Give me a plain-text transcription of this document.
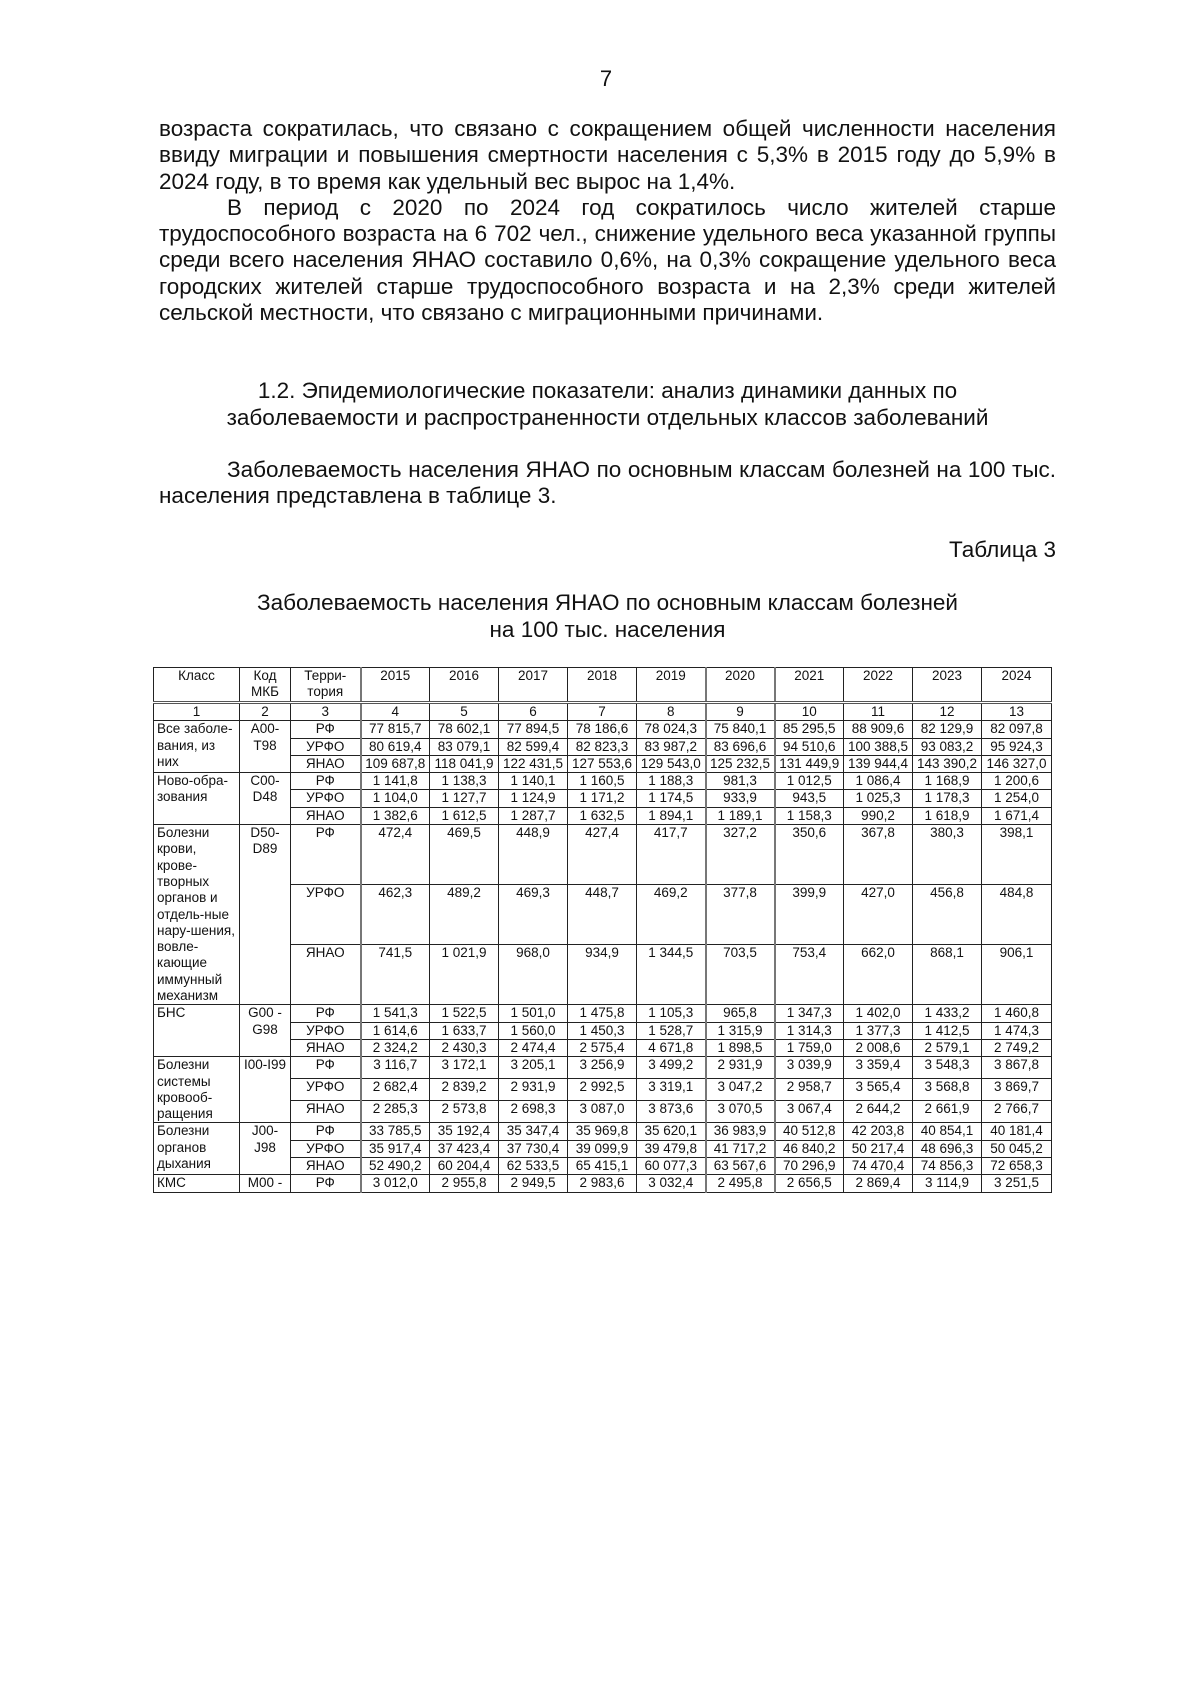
7

возраста сократилась, что связано с сокращением общей численности населения ввиду миграции и повышения смертности населения с 5,3% в 2015 году до 5,9% в 2024 году, в то время как удельный вес вырос на 1,4%.

В период с 2020 по 2024 год сократилось число жителей старше трудоспособного возраста на 6 702 чел., снижение удельного веса указанной группы среди всего населения ЯНАО составило 0,6%, на 0,3% сокращение удельного веса городских жителей старше трудоспособного возраста и на 2,3% среди жителей сельской местности, что связано с миграционными причинами.

1.2. Эпидемиологические показатели: анализ динамики данных по
заболеваемости и распространенности отдельных классов заболеваний

Заболеваемость населения ЯНАО по основным классам болезней на 100 тыс. населения представлена в таблице 3.

Таблица 3
Заболеваемость населения ЯНАО по основным классам болезней
на 100 тыс. населения
Класс	Код МКБ	Терри-тория	2015	2016	2017	2018	2019	2020	2021	2022	2023	2024
1	2	3	4	5	6	7	8	9	10	11	12	13
Все заболе-вания, из них	A00-T98	РФ	77 815,7	78 602,1	77 894,5	78 186,6	78 024,3	75 840,1	85 295,5	88 909,6	82 129,9	82 097,8
		УРФО	80 619,4	83 079,1	82 599,4	82 823,3	83 987,2	83 696,6	94 510,6	100 388,5	93 083,2	95 924,3
		ЯНАО	109 687,8	118 041,9	122 431,5	127 553,6	129 543,0	125 232,5	131 449,9	139 944,4	143 390,2	146 327,0
Ново-обра-зования	C00-D48	РФ	1 141,8	1 138,3	1 140,1	1 160,5	1 188,3	981,3	1 012,5	1 086,4	1 168,9	1 200,6
		УРФО	1 104,0	1 127,7	1 124,9	1 171,2	1 174,5	933,9	943,5	1 025,3	1 178,3	1 254,0
		ЯНАО	1 382,6	1 612,5	1 287,7	1 632,5	1 894,1	1 189,1	1 158,3	990,2	1 618,9	1 671,4
Болезни крови, крове-творных органов и отдель-ные нару-шения, вовле-кающие иммунный механизм	D50-D89	РФ	472,4	469,5	448,9	427,4	417,7	327,2	350,6	367,8	380,3	398,1
		УРФО	462,3	489,2	469,3	448,7	469,2	377,8	399,9	427,0	456,8	484,8
		ЯНАО	741,5	1 021,9	968,0	934,9	1 344,5	703,5	753,4	662,0	868,1	906,1
БНС	G00 - G98	РФ	1 541,3	1 522,5	1 501,0	1 475,8	1 105,3	965,8	1 347,3	1 402,0	1 433,2	1 460,8
		УРФО	1 614,6	1 633,7	1 560,0	1 450,3	1 528,7	1 315,9	1 314,3	1 377,3	1 412,5	1 474,3
		ЯНАО	2 324,2	2 430,3	2 474,4	2 575,4	4 671,8	1 898,5	1 759,0	2 008,6	2 579,1	2 749,2
Болезни системы кровооб-ращения	I00-I99	РФ	3 116,7	3 172,1	3 205,1	3 256,9	3 499,2	2 931,9	3 039,9	3 359,4	3 548,3	3 867,8
		УРФО	2 682,4	2 839,2	2 931,9	2 992,5	3 319,1	3 047,2	2 958,7	3 565,4	3 568,8	3 869,7
		ЯНАО	2 285,3	2 573,8	2 698,3	3 087,0	3 873,6	3 070,5	3 067,4	2 644,2	2 661,9	2 766,7
Болезни органов дыхания	J00-J98	РФ	33 785,5	35 192,4	35 347,4	35 969,8	35 620,1	36 983,9	40 512,8	42 203,8	40 854,1	40 181,4
		УРФО	35 917,4	37 423,4	37 730,4	39 099,9	39 479,8	41 717,2	46 840,2	50 217,4	48 696,3	50 045,2
		ЯНАО	52 490,2	60 204,4	62 533,5	65 415,1	60 077,3	63 567,6	70 296,9	74 470,4	74 856,3	72 658,3
КМС	M00 -	РФ	3 012,0	2 955,8	2 949,5	2 983,6	3 032,4	2 495,8	2 656,5	2 869,4	3 114,9	3 251,5
